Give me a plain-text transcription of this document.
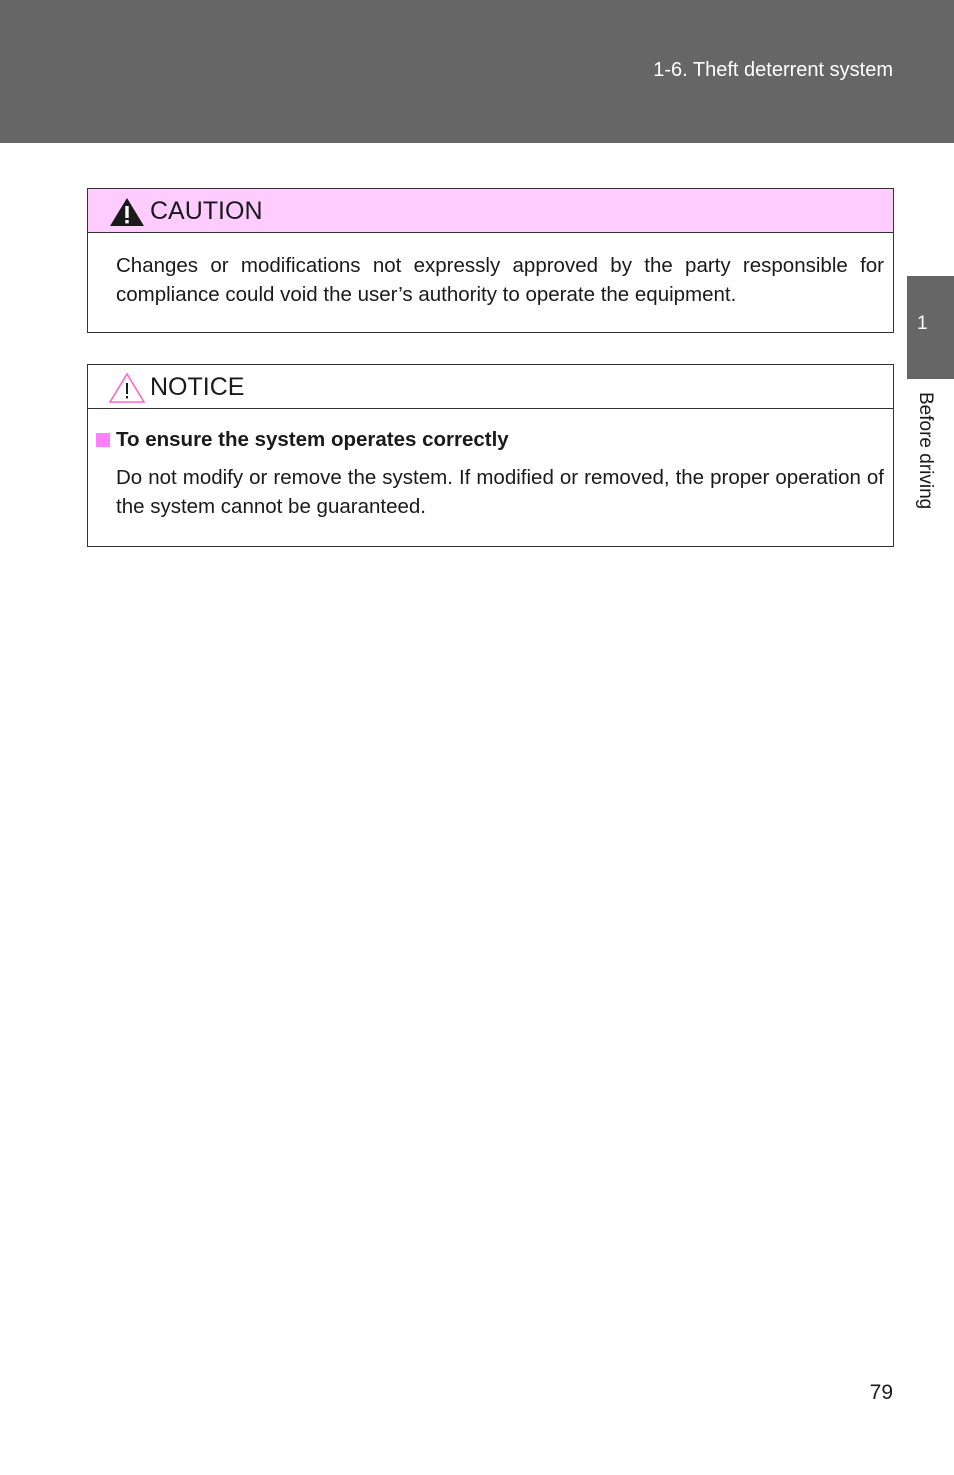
1-6. Theft deterrent system
1
Before driving
CAUTION
Changes or modifications not expressly approved by the party responsible for compliance could void the user’s authority to operate the equipment.
NOTICE
To ensure the system operates correctly
Do not modify or remove the system. If modified or removed, the proper operation of the system cannot be guaranteed.
79
